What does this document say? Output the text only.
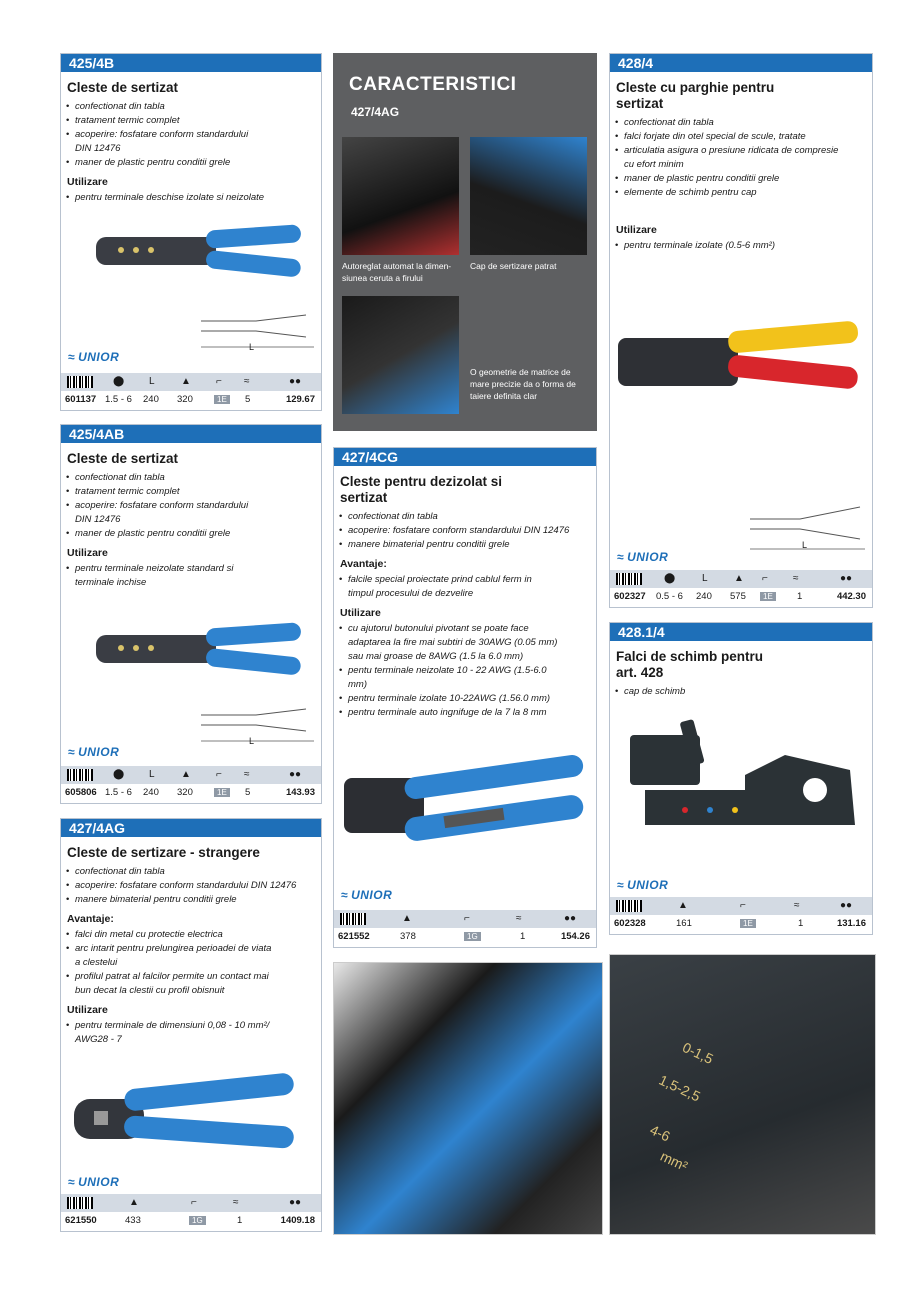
425/4B
Cleste de sertizat
• confectionat din tabla
• tratament termic complet
• acoperire: fosfatare conform standardului DIN 12476
• maner de plastic pentru conditii grele
Utilizare
• pentru terminale deschise izolate si neizolate
L
≈ UNIOR
⬤ L	▲	⌐ ≈	●●
601137 1.5 - 6 240 320	1E	5	129.67
425/4AB
Cleste de sertizat
• confectionat din tabla
• tratament termic complet
• acoperire: fosfatare conform standardului DIN 12476
• maner de plastic pentru conditii grele
Utilizare
• pentru terminale neizolate standard si terminale inchise
L
≈ UNIOR
⬤ L	▲	⌐ ≈	●●
605806 1.5 - 6 240 320	1E	5	143.93
427/4AG
Cleste de sertizare - strangere
• confectionat din tabla
• acoperire: fosfatare conform standardului DIN 12476
• manere bimaterial pentru conditii grele
Avantaje:
• falci din metal cu protectie electrica
• arc intarit pentru prelungirea perioadei de viata a clestelui
• profilul patrat al falcilor permite un contact mai bun decat la clestii cu profil obisnuit
Utilizare
• pentru terminale de dimensiuni 0,08 - 10 mm²/ AWG28 - 7
≈ UNIOR
▲	⌐	≈	●●
621550	433	1G	1	1409.18
CARACTERISTICI
427/4AG
Autoreglat automat la dimen-siunea ceruta a firului
Cap de sertizare patrat
O geometrie de matrice de mare precizie da o forma de taiere definita clar
427/4CG
Cleste pentru dezizolat si sertizat
• confectionat din tabla
• acoperire: fosfatare conform standardului DIN 12476
• manere bimaterial pentru conditii grele
Avantaje:
• falcile special proiectate prind cablul ferm in timpul procesului de dezvelire
Utilizare
• cu ajutorul butonului pivotant se poate face adaptarea la fire mai subtiri de 30AWG (0.05 mm) sau mai groase de 8AWG (1.5 la 6.0 mm)
• pentu terminale neizolate 10 - 22 AWG (1.5-6.0 mm)
• pentru terminale izolate 10-22AWG (1.56.0 mm)
• pentru terminale auto ingnifuge de la 7 la 8 mm
≈ UNIOR
▲	⌐	≈	●●
621552	378	1G	1	154.26
428/4
Cleste cu parghie pentru sertizat
• confectionat din tabla
• falci forjate din otel special de scule, tratate
• articulatia asigura o presiune ridicata de compresie cu efort minim
• maner de plastic pentru conditii grele
• elemente de schimb pentru cap
Utilizare
• pentru terminale izolate (0.5-6 mm²)
L
≈ UNIOR
⬤	L	▲ ⌐	≈	●●
602327 0.5 - 6 240 575	1E	1	442.30
428.1/4
Falci de schimb pentru art. 428
• cap de schimb
≈ UNIOR
▲	⌐	≈	●●
602328	161	1E	1	131.16
0-1,5
1,5-2,5
4-6
mm²
